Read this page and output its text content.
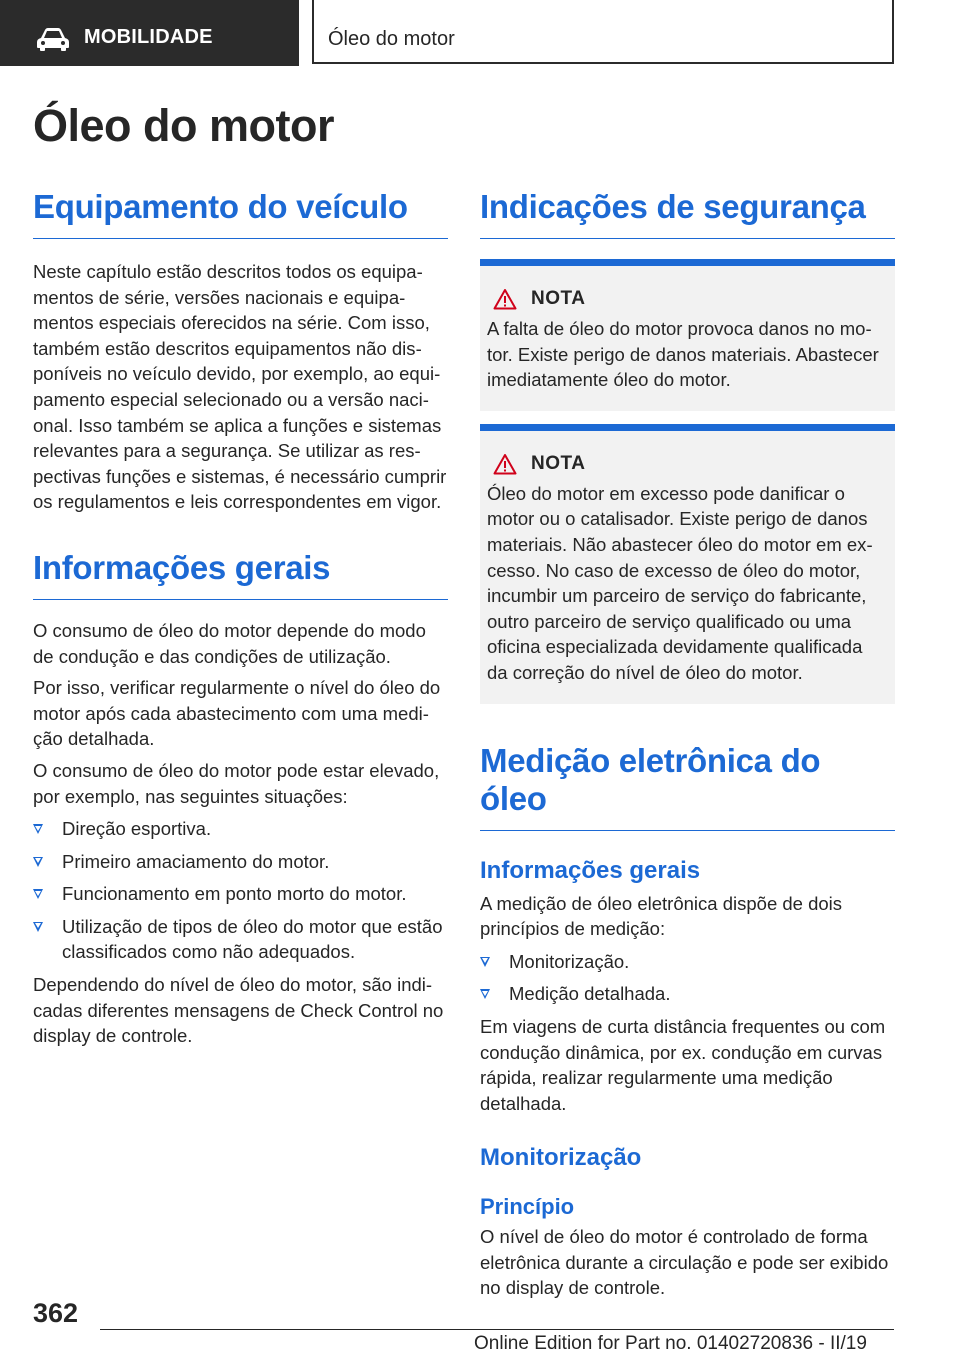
MOBILIDADE	Óleo do motor
Óleo do motor
Equipamento do veículo

Neste capítulo estão descritos todos os equipamentos de série, versões nacionais e equipamentos especiais oferecidos na série. Com isso, também estão descritos equipamentos não disponíveis no veículo devido, por exemplo, ao equipamento especial selecionado ou a versão nacional. Isso também se aplica a funções e sistemas relevantes para a segurança. Se utilizar as respectivas funções e sistemas, é necessário cumprir os regulamentos e leis correspondentes em vigor.

Informações gerais

O consumo de óleo do motor depende do modo de condução e das condições de utilização.

Por isso, verificar regularmente o nível do óleo do motor após cada abastecimento com uma medição detalhada.

O consumo de óleo do motor pode estar elevado, por exemplo, nas seguintes situações:

Direção esportiva.
Primeiro amaciamento do motor.
Funcionamento em ponto morto do motor.
Utilização de tipos de óleo do motor que estão classificados como não adequados.

Dependendo do nível de óleo do motor, são indicadas diferentes mensagens de Check Control no display de controle.

Indicações de segurança
NOTA

A falta de óleo do motor provoca danos no motor. Existe perigo de danos materiais. Abastecer imediatamente óleo do motor.

NOTA

Óleo do motor em excesso pode danificar o motor ou o catalisador. Existe perigo de danos materiais. Não abastecer óleo do motor em excesso. No caso de excesso de óleo do motor, incumbir um parceiro de serviço do fabricante, outro parceiro de serviço qualificado ou uma oficina especializada devidamente qualificada da correção do nível de óleo do motor.

Medição eletrônica do óleo
Informações gerais

A medição de óleo eletrônica dispõe de dois princípios de medição:

Monitorização.
Medição detalhada.

Em viagens de curta distância frequentes ou com condução dinâmica, por ex. condução em curvas rápida, realizar regularmente uma medição detalhada.

Monitorização
Princípio

O nível de óleo do motor é controlado de forma eletrônica durante a circulação e pode ser exibido no display de controle.

362
Online Edition for Part no. 01402720836 - II/19
